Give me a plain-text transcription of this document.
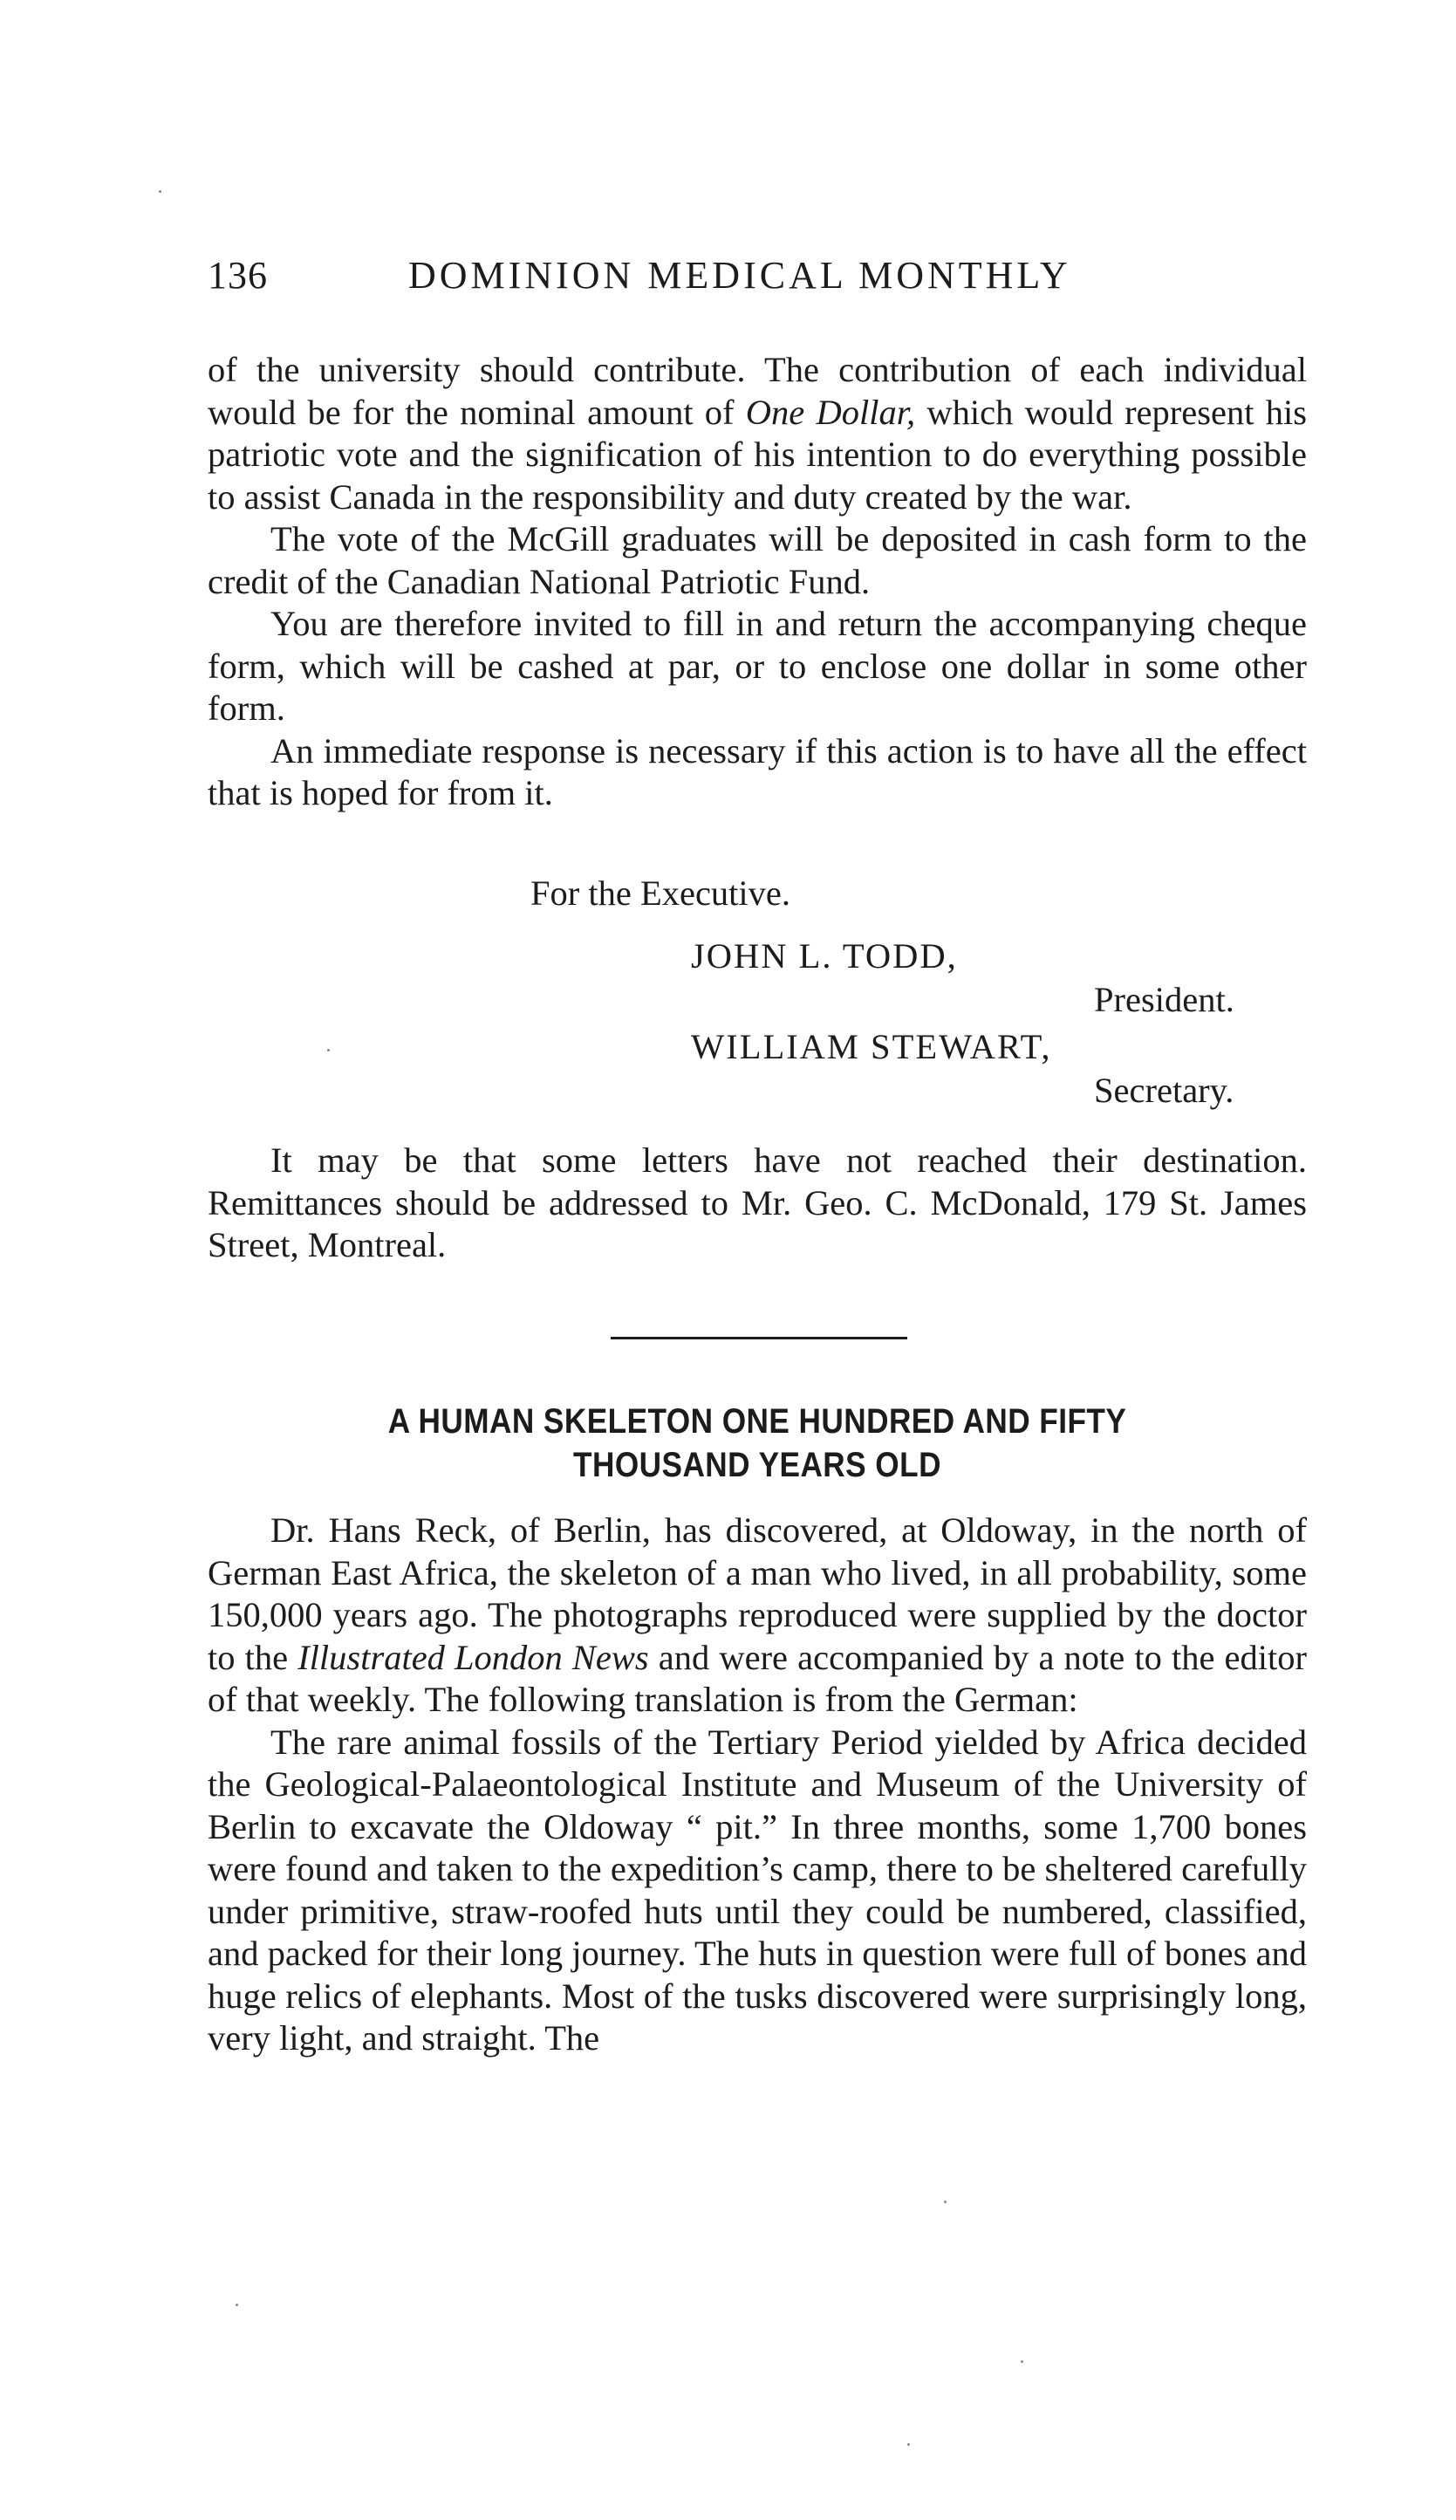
136	DOMINION MEDICAL MONTHLY

of the university should contribute. The contribution of each individual would be for the nominal amount of One Dollar, which would represent his patriotic vote and the signification of his intention to do everything possible to assist Canada in the responsibility and duty created by the war.

The vote of the McGill graduates will be deposited in cash form to the credit of the Canadian National Patriotic Fund.

You are therefore invited to fill in and return the accompanying cheque form, which will be cashed at par, or to enclose one dollar in some other form.

An immediate response is necessary if this action is to have all the effect that is hoped for from it.

For the Executive.
JOHN L. TODD,
President.
WILLIAM STEWART,
Secretary.

It may be that some letters have not reached their destination. Remittances should be addressed to Mr. Geo. C. McDonald, 179 St. James Street, Montreal.

A HUMAN SKELETON ONE HUNDRED AND FIFTY
THOUSAND YEARS OLD

Dr. Hans Reck, of Berlin, has discovered, at Oldoway, in the north of German East Africa, the skeleton of a man who lived, in all probability, some 150,000 years ago. The photographs reproduced were supplied by the doctor to the Illustrated London News and were accompanied by a note to the editor of that weekly. The following translation is from the German:

The rare animal fossils of the Tertiary Period yielded by Africa decided the Geological-Palaeontological Institute and Museum of the University of Berlin to excavate the Oldoway “ pit.” In three months, some 1,700 bones were found and taken to the expedition’s camp, there to be sheltered carefully under primitive, straw-roofed huts until they could be numbered, classified, and packed for their long journey. The huts in question were full of bones and huge relics of elephants. Most of the tusks discovered were surprisingly long, very light, and straight. The
